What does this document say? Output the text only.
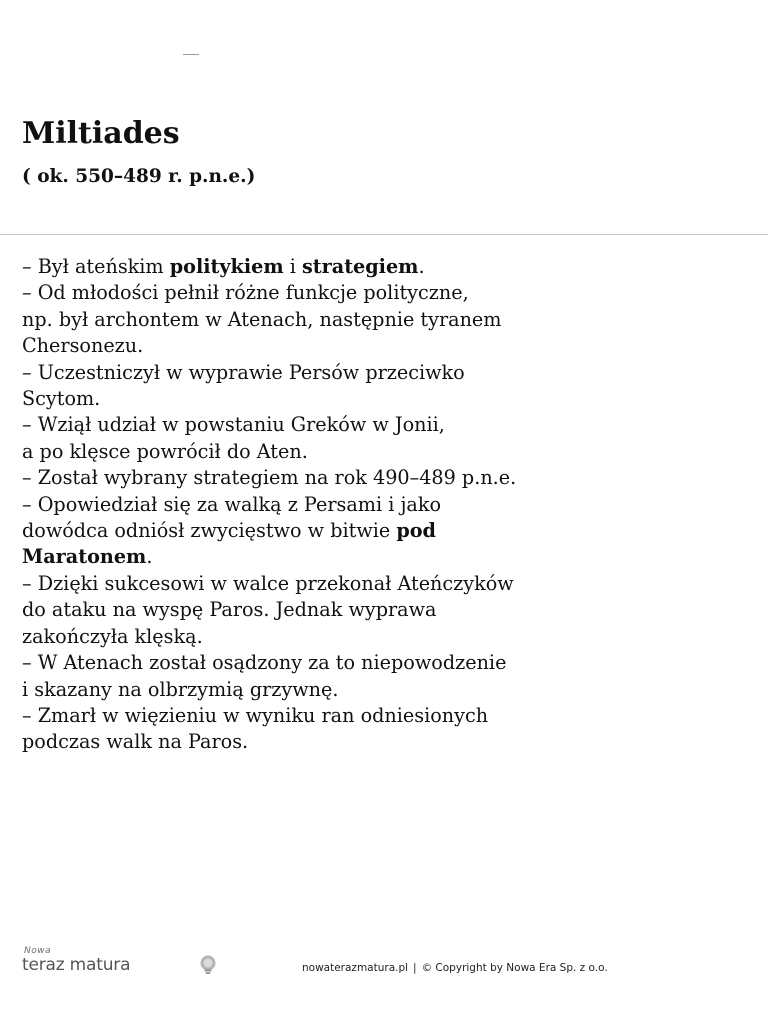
Miltiades
( ok. 550–489 r. p.n.e.)
– Był ateńskim politykiem i strategiem.
– Od młodości pełnił różne funkcje polityczne,
np. był archontem w Atenach, następnie tyranem
Chersonezu.
– Uczestniczył w wyprawie Persów przeciwko
Scytom.
– Wziął udział w powstaniu Greków w Jonii,
a po klęsce powrócił do Aten.
– Został wybrany strategiem na rok 490–489 p.n.e.
– Opowiedział się za walką z Persami i jako
dowódca odniósł zwycięstwo w bitwie pod
Maratonem.
– Dzięki sukcesowi w walce przekonał Ateńczyków
do ataku na wyspę Paros. Jednak wyprawa
zakończyła klęską.
– W Atenach został osądzony za to niepowodzenie
i skazany na olbrzymią grzywnę.
– Zmarł w więzieniu w wyniku ran odniesionych
podczas walk na Paros.
Nowa
teraz matura	nowaterazmatura.pl | © Copyright by Nowa Era Sp. z o.o.
